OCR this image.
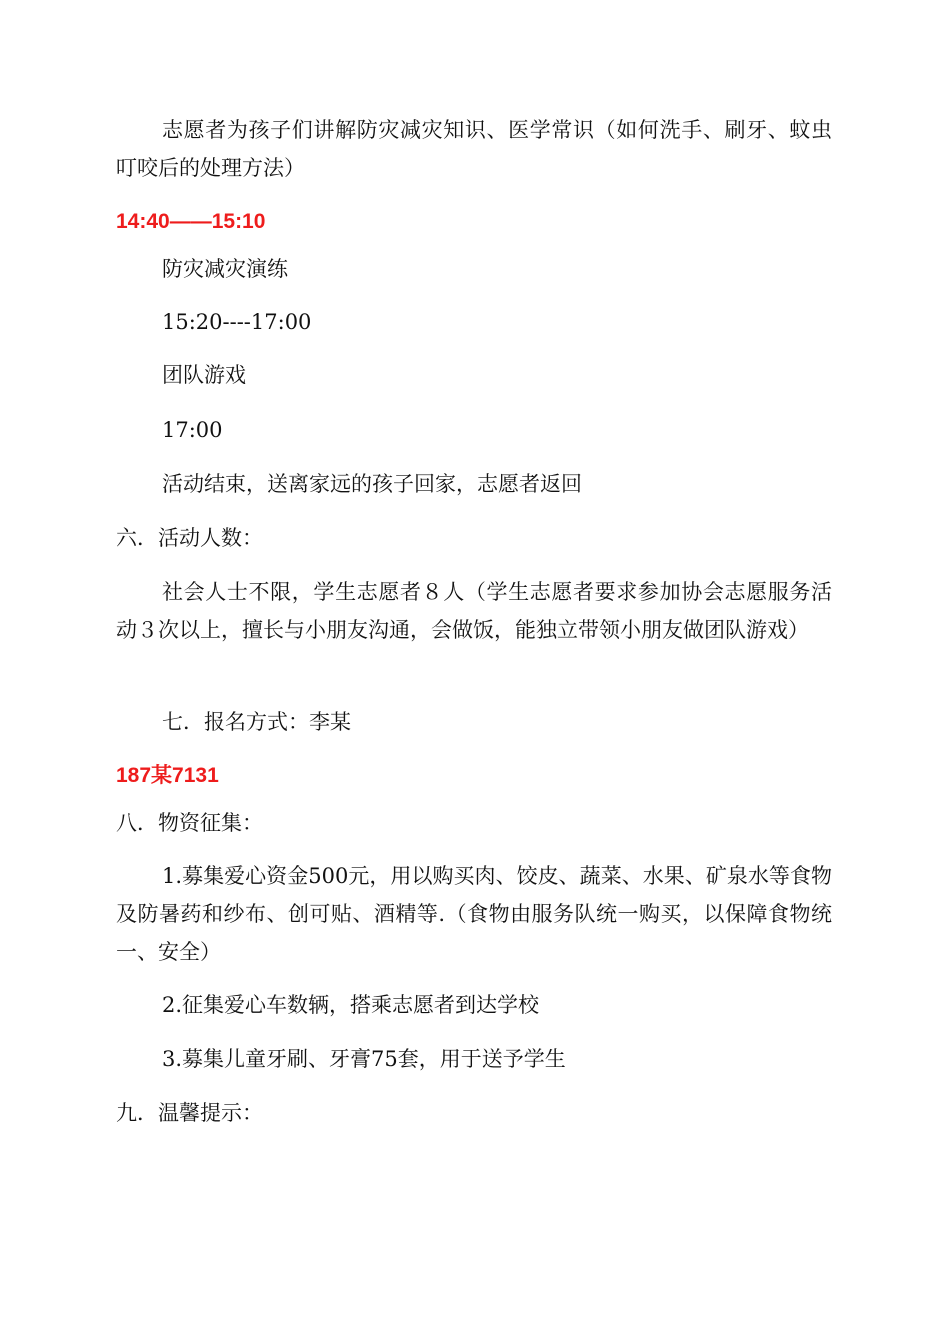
志愿者为孩子们讲解防灾减灾知识、医学常识（如何洗手、刷牙、蚊虫叮咬后的处理方法）
14:40——15:10
防灾减灾演练
15:20----17:00
团队游戏
17:00
活动结束，送离家远的孩子回家，志愿者返回
六．活动人数：
社会人士不限，学生志愿者８人（学生志愿者要求参加协会志愿服务活动３次以上，擅长与小朋友沟通，会做饭，能独立带领小朋友做团队游戏）
七．报名方式：李某
187某7131
八．物资征集：
1.募集爱心资金500元，用以购买肉、饺皮、蔬菜、水果、矿泉水等食物及防暑药和纱布、创可贴、酒精等.（食物由服务队统一购买，以保障食物统一、安全）
2.征集爱心车数辆，搭乘志愿者到达学校
3.募集儿童牙刷、牙膏75套，用于送予学生
九．温馨提示：
